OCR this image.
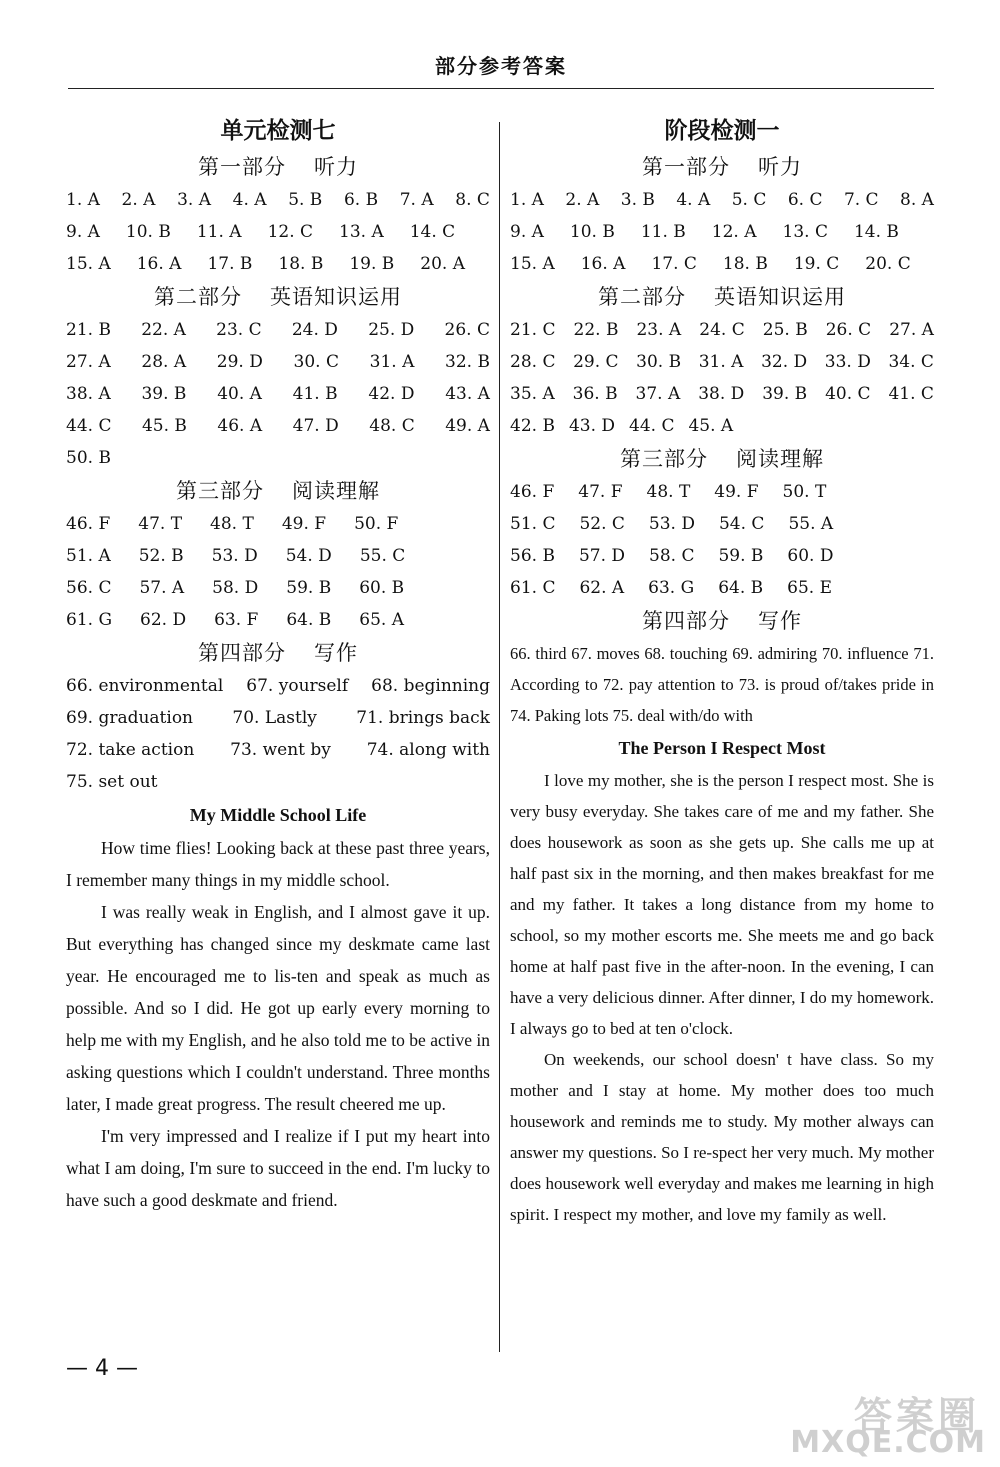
部分参考答案
单元检测七
第一部分 听力
1. A 2. A 3. A 4. A 5. B 6. B 7. A 8. C
9. A 10. B 11. A 12. C 13. A 14. C
15. A 16. A 17. B 18. B 19. B 20. A
第二部分 英语知识运用
21. B 22. A 23. C 24. D 25. D 26. C
27. A 28. A 29. D 30. C 31. A 32. B
38. A 39. B 40. A 41. B 42. D 43. A
44. C 45. B 46. A 47. D 48. C 49. A
50. B
第三部分 阅读理解
46. F 47. T 48. T 49. F 50. F
51. A 52. B 53. D 54. D 55. C
56. C 57. A 58. D 59. B 60. B
61. G 62. D 63. F 64. B 65. A
第四部分 写作
66. environmental 67. yourself 68. beginning
69. graduation 70. Lastly 71. brings back
72. take action 73. went by 74. along with
75. set out
My Middle School Life

How time flies! Looking back at these past three years, I remember many things in my middle school.

I was really weak in English, and I almost gave it up. But everything has changed since my deskmate came last year. He encouraged me to lis-ten and speak as much as possible. And so I did. He got up early every morning to help me with my English, and he also told me to be active in asking questions which I couldn't understand. Three months later, I made great progress. The result cheered me up.

I'm very impressed and I realize if I put my heart into what I am doing, I'm sure to succeed in the end. I'm lucky to have such a good deskmate and friend.

阶段检测一
第一部分 听力
1. A 2. A 3. B 4. A 5. C 6. C 7. C 8. A
9. A 10. B 11. B 12. A 13. C 14. B
15. A 16. A 17. C 18. B 19. C 20. C
第二部分 英语知识运用
21. C 22. B 23. A 24. C 25. B 26. C 27. A
28. C 29. C 30. B 31. A 32. D 33. D 34. C
35. A 36. B 37. A 38. D 39. B 40. C 41. C
42. B 43. D 44. C 45. A
第三部分 阅读理解
46. F 47. F 48. T 49. F 50. T
51. C 52. C 53. D 54. C 55. A
56. B 57. D 58. C 59. B 60. D
61. C 62. A 63. G 64. B 65. E
第四部分 写作
66. third 67. moves 68. touching 69. admiring 70. influence 71. According to 72. pay attention to 73. is proud of/takes pride in 74. Paking lots 75. deal with/do with
The Person I Respect Most

I love my mother, she is the person I respect most. She is very busy everyday. She takes care of me and my father. She does housework as soon as she gets up. She calls me up at half past six in the morning, and then makes breakfast for me and my father. It takes a long distance from my home to school, so my mother escorts me. She meets me and go back home at half past five in the after-noon. In the evening, I can have a very delicious dinner. After dinner, I do my homework. I always go to bed at ten o'clock.

On weekends, our school doesn' t have class. So my mother and I stay at home. My mother does too much housework and reminds me to study. My mother always can answer my questions. So I re-spect her very much. My mother does housework well everyday and makes me learning in high spirit. I respect my mother, and love my family as well.

— 4 —
答案圈
MXQE.COM
